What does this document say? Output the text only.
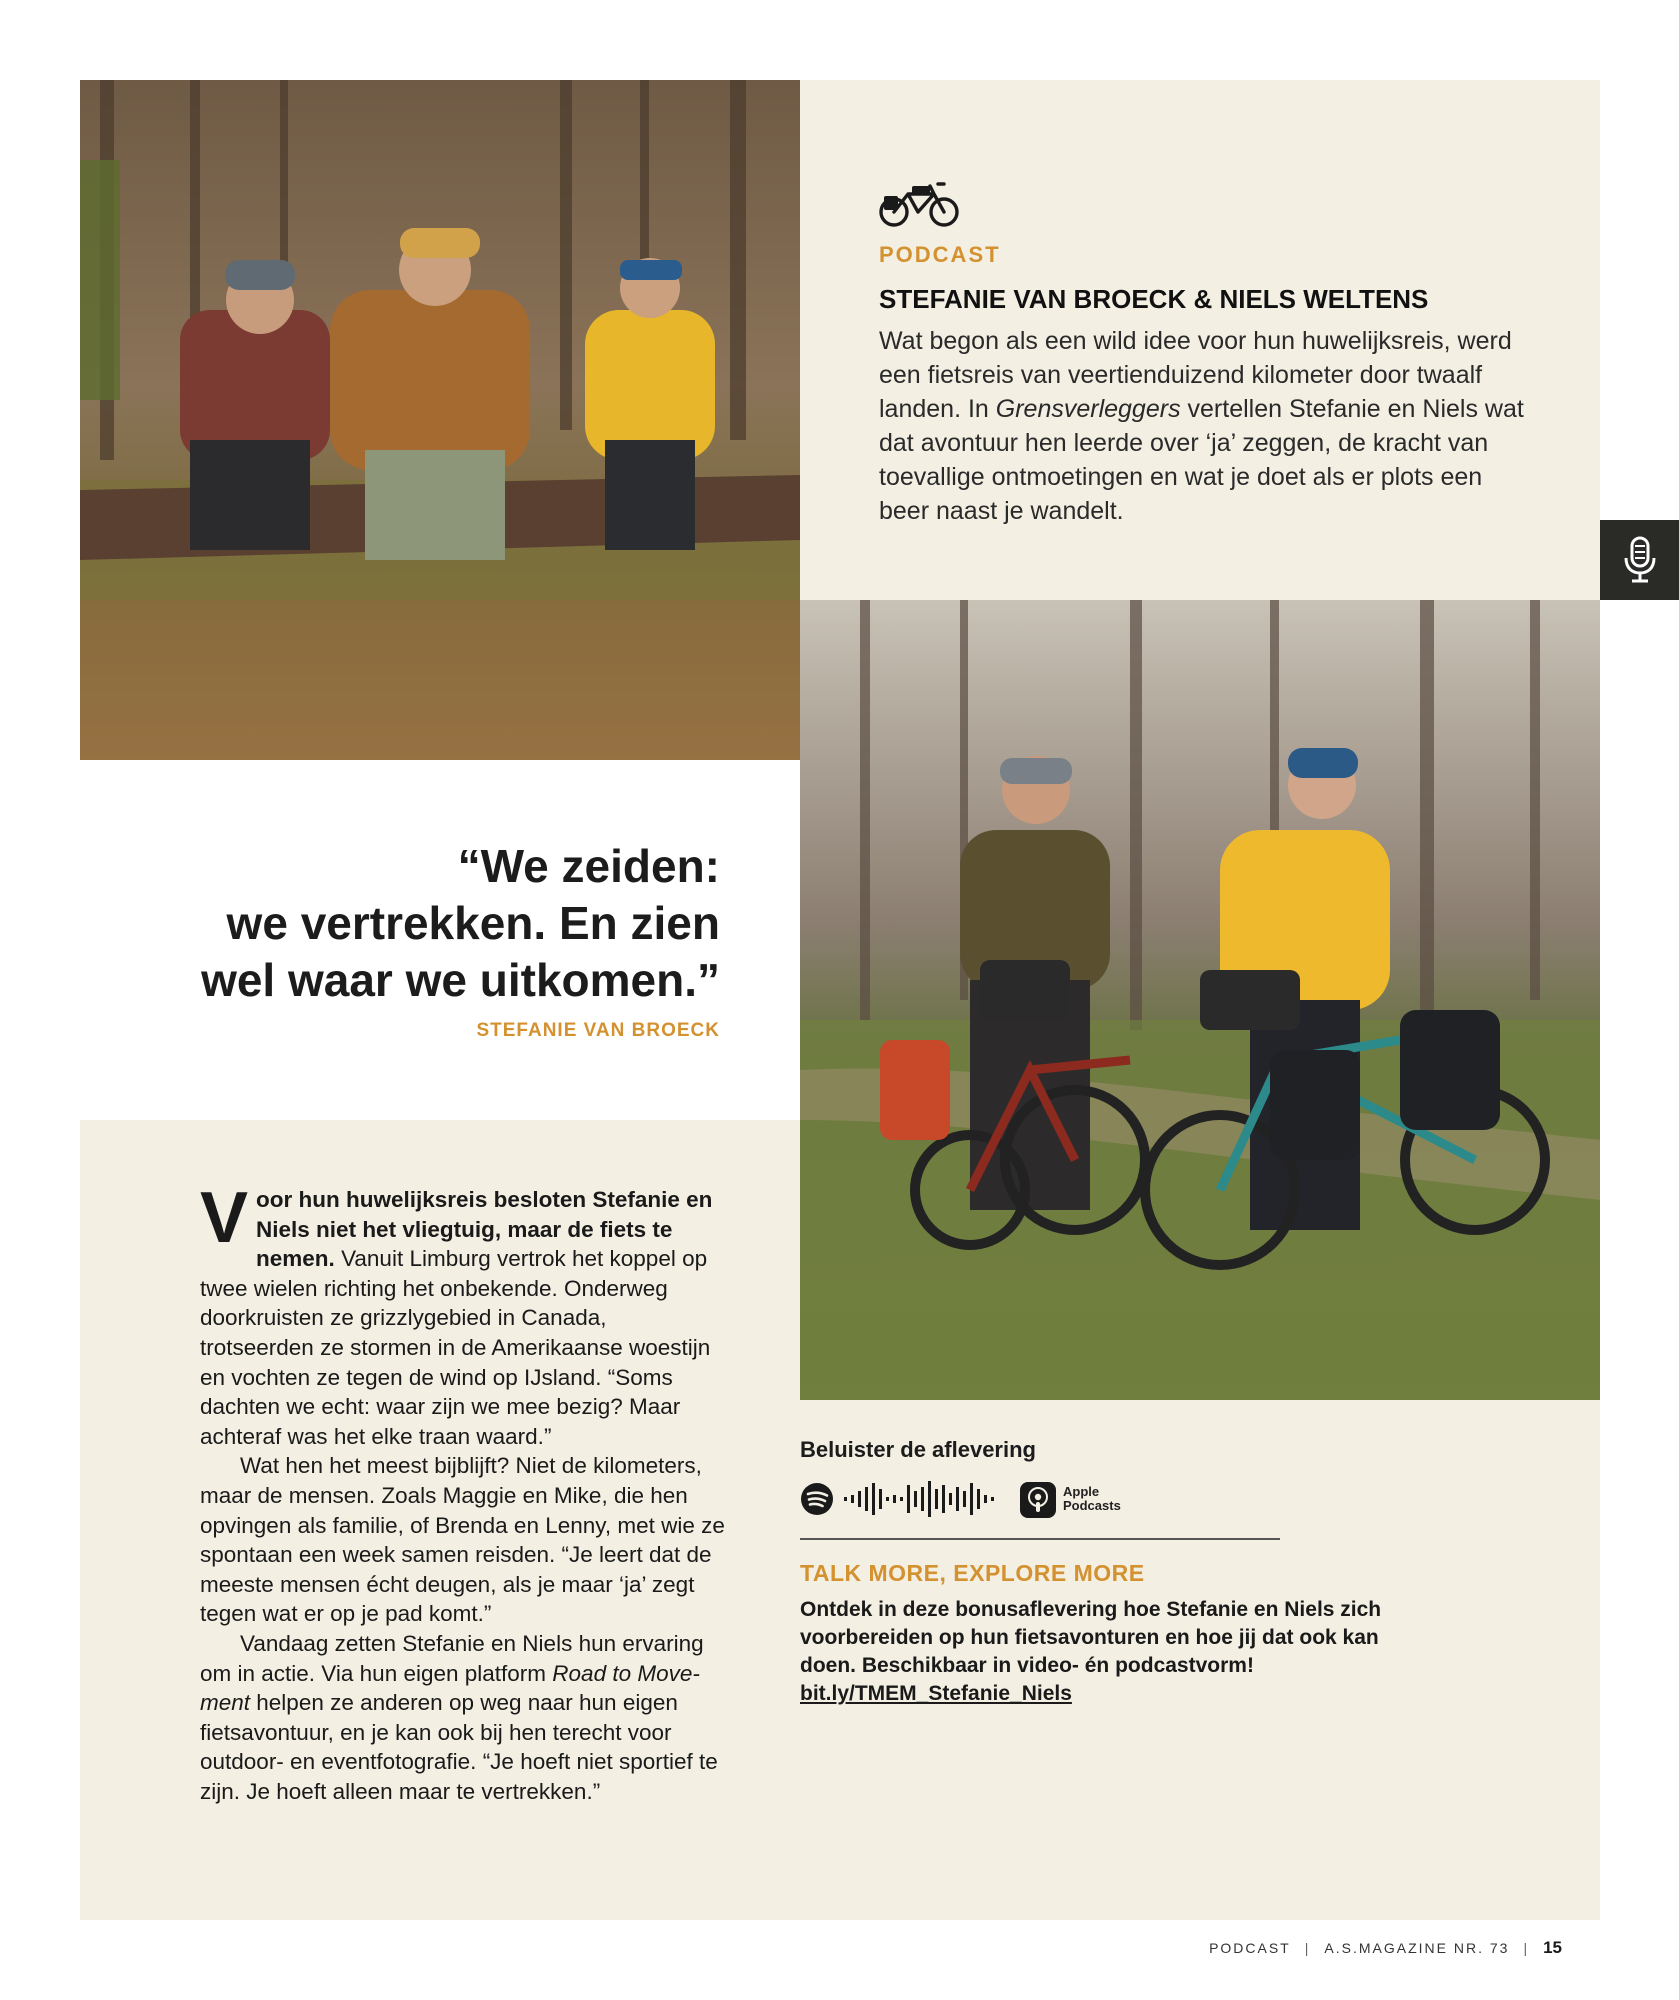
PODCAST
STEFANIE VAN BROECK & NIELS WELTENS
Wat begon als een wild idee voor hun huwelijksreis, werd een fietsreis van veertienduizend kilometer door twaalf landen. In Grensverleggers vertellen Stefanie en Niels wat dat avontuur hen leerde over ‘ja’ zeggen, de kracht van toevallige ontmoetingen en wat je doet als er plots een beer naast je wandelt.
“We zeiden:
we vertrekken. En zien
wel waar we uitkomen.”
STEFANIE VAN BROECK

Voor hun huwelijksreis besloten Stefanie en Niels niet het vliegtuig, maar de fiets te nemen. Vanuit Limburg vertrok het koppel op twee wielen richting het onbekende. Onderweg doorkruisten ze grizzlygebied in Canada, trotseerden ze stormen in de Amerikaanse woestijn en vochten ze tegen de wind op IJsland. “Soms dachten we echt: waar zijn we mee bezig? Maar achteraf was het elke traan waard.”

Wat hen het meest bijblijft? Niet de kilometers, maar de mensen. Zoals Maggie en Mike, die hen opvingen als familie, of Brenda en Lenny, met wie ze spontaan een week samen reisden. “Je leert dat de meeste mensen écht deugen, als je maar ‘ja’ zegt tegen wat er op je pad komt.”

Vandaag zetten Stefanie en Niels hun ervaring om in actie. Via hun eigen platform Road to Movement helpen ze anderen op weg naar hun eigen fietsavontuur, en je kan ook bij hen terecht voor outdoor- en eventfotografie. “Je hoeft niet sportief te zijn. Je hoeft alleen maar te vertrekken.”

Beluister de aflevering
Apple
Podcasts
TALK MORE, EXPLORE MORE
Ontdek in deze bonusaflevering hoe Stefanie en Niels zich voorbereiden op hun fietsavonturen en hoe jij dat ook kan doen. Beschikbaar in video- én podcastvorm!
bit.ly/TMEM_Stefanie_Niels
PODCAST | A.S.MAGAZINE NR. 73 | 15
